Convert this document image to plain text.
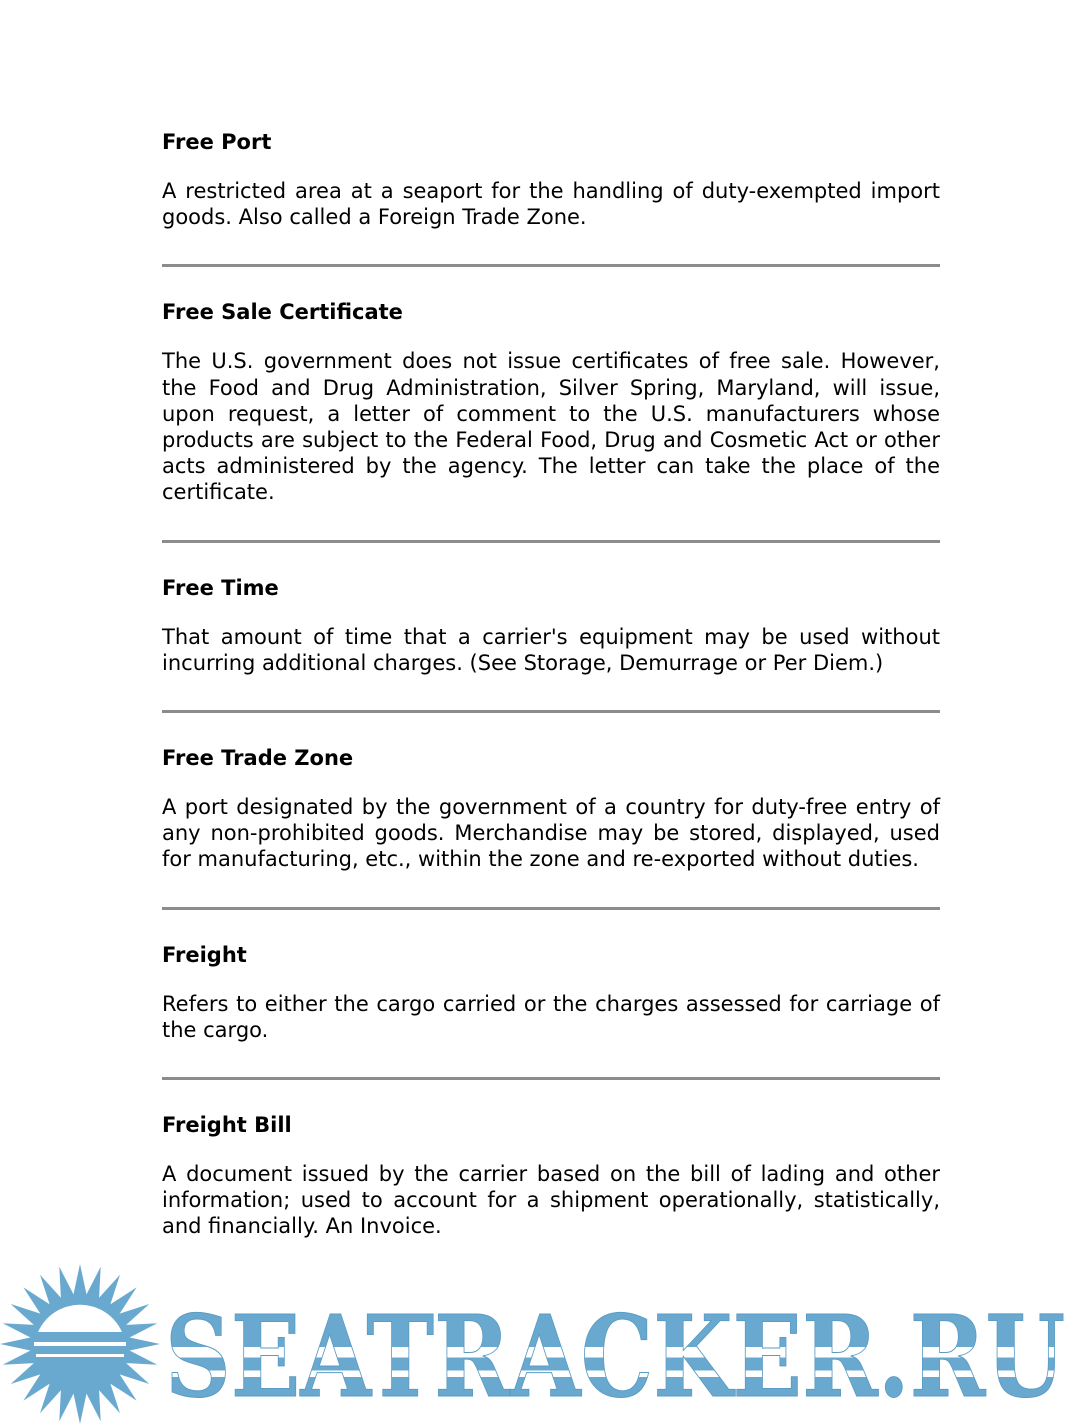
Free Port

A restricted area at a seaport for the handling of duty-exempted import goods. Also called a Foreign Trade Zone.

Free Sale Certificate

The U.S. government does not issue certificates of free sale. However, the Food and Drug Administration, Silver Spring, Maryland, will issue, upon request, a letter of comment to the U.S. manufacturers whose products are subject to the Federal Food, Drug and Cosmetic Act or other acts administered by the agency. The letter can take the place of the certificate.

Free Time

That amount of time that a carrier's equipment may be used without incurring additional charges. (See Storage, Demurrage or Per Diem.)

Free Trade Zone

A port designated by the government of a country for duty-free entry of any non-prohibited goods. Merchandise may be stored, displayed, used for manufacturing, etc., within the zone and re-exported without duties.

Freight

Refers to either the cargo carried or the charges assessed for carriage of the cargo.

Freight Bill

A document issued by the carrier based on the bill of lading and other information; used to account for a shipment operationally, statistically, and financially. An Invoice.

SEATRACKER.RU
